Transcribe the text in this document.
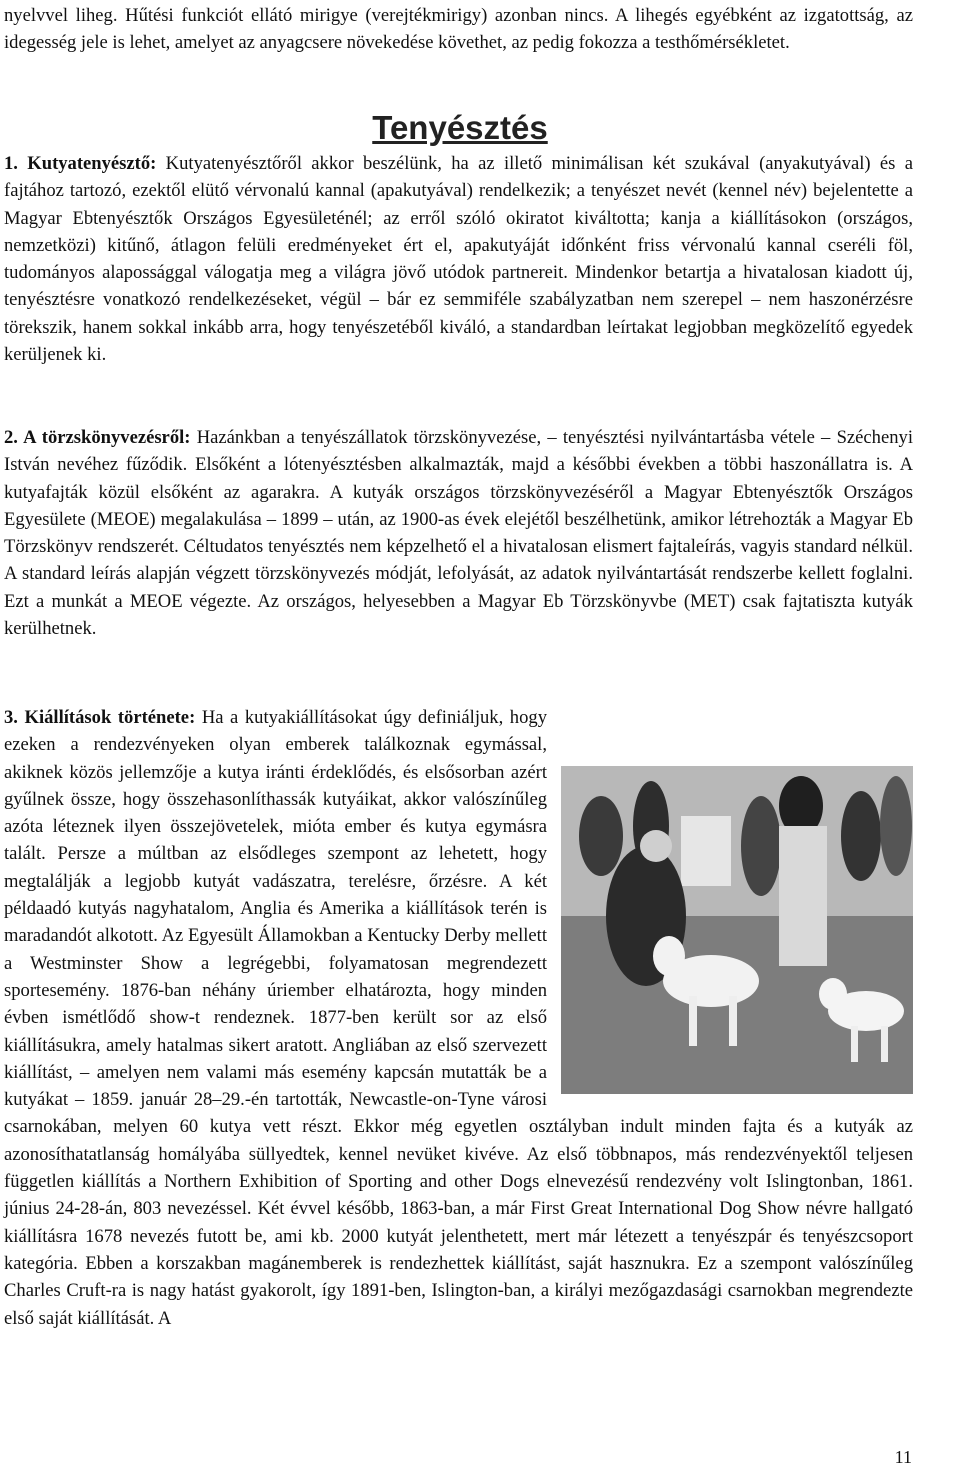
nyelvvel liheg. Hűtési funkciót ellátó mirigye (verejtékmirigy) azonban nincs. A lihegés egyébként az izgatottság, az idegesség jele is lehet, amelyet az anyagcsere növekedése követhet, az pedig fokozza a testhőmérsékletet.

Tenyésztés

1. Kutyatenyésztő: Kutyatenyésztőről akkor beszélünk, ha az illető minimálisan két szukával (anyakutyával) és a fajtához tartozó, ezektől elütő vérvonalú kannal (apakutyával) rendelkezik; a tenyészet nevét (kennel név) bejelentette a Magyar Ebtenyésztők Országos Egyesületénél; az erről szóló okiratot kiváltotta; kanja a kiállításokon (országos, nemzetközi) kitűnő, átlagon felüli eredményeket ért el, apakutyáját időnként friss vérvonalú kannal cseréli föl, tudományos alapossággal válogatja meg a világra jövő utódok partnereit. Mindenkor betartja a hivatalosan kiadott új, tenyésztésre vonatkozó rendelkezéseket, végül – bár ez semmiféle szabályzatban nem szerepel – nem haszonérzésre törekszik, hanem sokkal inkább arra, hogy tenyészetéből kiváló, a standardban leírtakat legjobban megközelítő egyedek kerüljenek ki.

2. A törzskönyvezésről: Hazánkban a tenyészállatok törzskönyvezése, – tenyésztési nyilvántartásba vétele – Széchenyi István nevéhez fűződik. Elsőként a lótenyésztésben alkalmazták, majd a későbbi években a többi haszonállatra is. A kutyafajták közül elsőként az agarakra. A kutyák országos törzskönyvezéséről a Magyar Ebtenyésztők Országos Egyesülete (MEOE) megalakulása – 1899 – után, az 1900-as évek elejétől beszélhetünk, amikor létrehozták a Magyar Eb Törzskönyv rendszerét. Céltudatos tenyésztés nem képzelhető el a hivatalosan elismert fajtaleírás, vagyis standard nélkül. A standard leírás alapján végzett törzskönyvezés módját, lefolyását, az adatok nyilvántartását rendszerbe kellett foglalni. Ezt a munkát a MEOE végezte. Az országos, helyesebben a Magyar Eb Törzskönyvbe (MET) csak fajtatiszta kutyák kerülhetnek.

3. Kiállítások története: Ha a kutyakiállításokat úgy definiáljuk, hogy ezeken a rendezvényeken olyan emberek találkoznak egymással, akiknek közös jellemzője a kutya iránti érdeklődés, és elsősorban azért gyűlnek össze, hogy összehasonlíthassák kutyáikat, akkor valószínűleg azóta léteznek ilyen összejövetelek, mióta ember és kutya egymásra talált. Persze a múltban az elsődleges szempont az lehetett, hogy megtalálják a legjobb kutyát vadászatra, terelésre, őrzésre. A két példaadó kutyás nagyhatalom, Anglia és Amerika a kiállítások terén is maradandót alkotott. Az Egyesült Államokban a Kentucky Derby mellett a Westminster Show a legrégebbi, folyamatosan megrendezett sportesemény. 1876-ban néhány úriember elhatározta, hogy minden évben ismétlődő show-t rendeznek. 1877-ben került sor az első kiállításukra, amely hatalmas sikert aratott. Angliában az első szervezett kiállítást, – amelyen nem valami más esemény kapcsán mutatták be a kutyákat – 1859. január 28–29.-én tartották, Newcastle-on-Tyne városi csarnokában, melyen 60 kutya vett részt. Ekkor még egyetlen osztályban indult minden fajta és a kutyák az azonosíthatatlanság homályába süllyedtek, kennel nevüket kivéve. Az első többnapos, más rendezvényektől teljesen független kiállítás a Northern Exhibition of Sporting and other Dogs elnevezésű rendezvény volt Islingtonban, 1861. június 24-28-án, 803 nevezéssel. Két évvel később, 1863-ban, a már First Great International Dog Show névre hallgató kiállításra 1678 nevezés futott be, ami kb. 2000 kutyát jelenthetett, mert már létezett a tenyészpár és tenyészcsoport kategória. Ebben a korszakban magánemberek is rendezhettek kiállítást, saját hasznukra. Ez a szempont valószínűleg Charles Cruft-ra is nagy hatást gyakorolt, így 1891-ben, Islington-ban, a királyi mezőgazdasági csarnokban megrendezte első saját kiállítását. A
11
